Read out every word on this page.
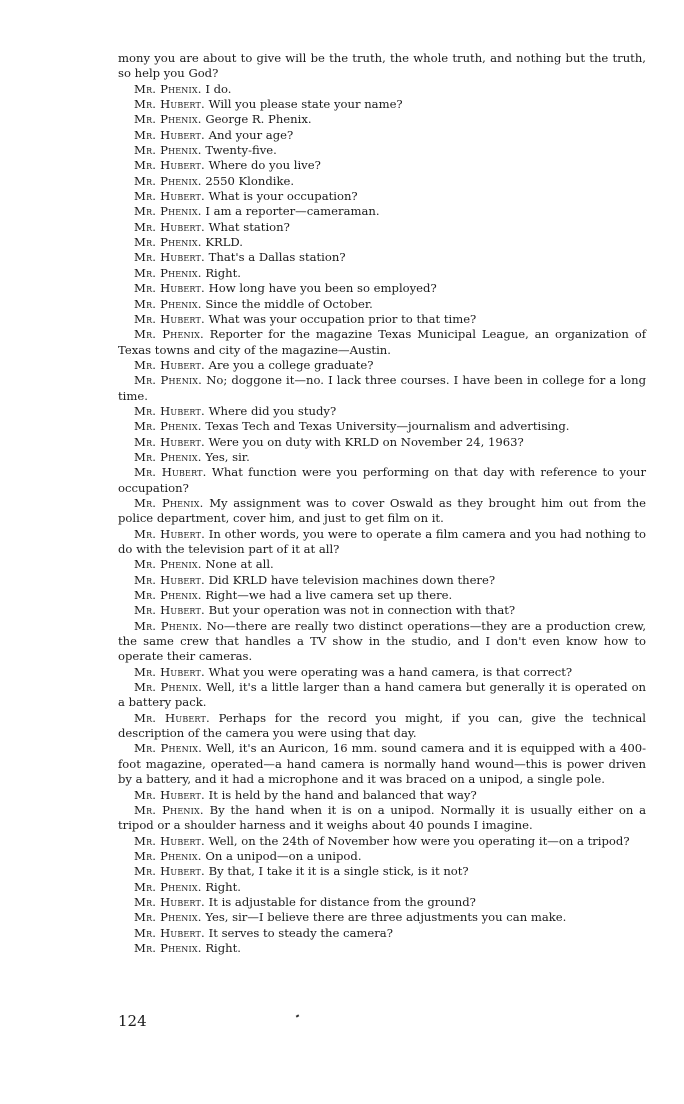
mony you are about to give will be the truth, the whole truth, and nothing but the truth, so help you God?

Mr. Phenix. I do.

Mr. Hubert. Will you please state your name?

Mr. Phenix. George R. Phenix.

Mr. Hubert. And your age?

Mr. Phenix. Twenty-five.

Mr. Hubert. Where do you live?

Mr. Phenix. 2550 Klondike.

Mr. Hubert. What is your occupation?

Mr. Phenix. I am a reporter—cameraman.

Mr. Hubert. What station?

Mr. Phenix. KRLD.

Mr. Hubert. That's a Dallas station?

Mr. Phenix. Right.

Mr. Hubert. How long have you been so employed?

Mr. Phenix. Since the middle of October.

Mr. Hubert. What was your occupation prior to that time?

Mr. Phenix. Reporter for the magazine Texas Municipal League, an organization of Texas towns and city of the magazine—Austin.

Mr. Hubert. Are you a college graduate?

Mr. Phenix. No; doggone it—no. I lack three courses. I have been in college for a long time.

Mr. Hubert. Where did you study?

Mr. Phenix. Texas Tech and Texas University—journalism and advertising.

Mr. Hubert. Were you on duty with KRLD on November 24, 1963?

Mr. Phenix. Yes, sir.

Mr. Hubert. What function were you performing on that day with reference to your occupation?

Mr. Phenix. My assignment was to cover Oswald as they brought him out from the police department, cover him, and just to get film on it.

Mr. Hubert. In other words, you were to operate a film camera and you had nothing to do with the television part of it at all?

Mr. Phenix. None at all.

Mr. Hubert. Did KRLD have television machines down there?

Mr. Phenix. Right—we had a live camera set up there.

Mr. Hubert. But your operation was not in connection with that?

Mr. Phenix. No—there are really two distinct operations—they are a production crew, the same crew that handles a TV show in the studio, and I don't even know how to operate their cameras.

Mr. Hubert. What you were operating was a hand camera, is that correct?

Mr. Phenix. Well, it's a little larger than a hand camera but generally it is operated on a battery pack.

Mr. Hubert. Perhaps for the record you might, if you can, give the technical description of the camera you were using that day.

Mr. Phenix. Well, it's an Auricon, 16 mm. sound camera and it is equipped with a 400-foot magazine, operated—a hand camera is normally hand wound—this is power driven by a battery, and it had a microphone and it was braced on a unipod, a single pole.

Mr. Hubert. It is held by the hand and balanced that way?

Mr. Phenix. By the hand when it is on a unipod. Normally it is usually either on a tripod or a shoulder harness and it weighs about 40 pounds I imagine.

Mr. Hubert. Well, on the 24th of November how were you operating it—on a tripod?

Mr. Phenix. On a unipod—on a unipod.

Mr. Hubert. By that, I take it it is a single stick, is it not?

Mr. Phenix. Right.

Mr. Hubert. It is adjustable for distance from the ground?

Mr. Phenix. Yes, sir—I believe there are three adjustments you can make.

Mr. Hubert. It serves to steady the camera?

Mr. Phenix. Right.

124
